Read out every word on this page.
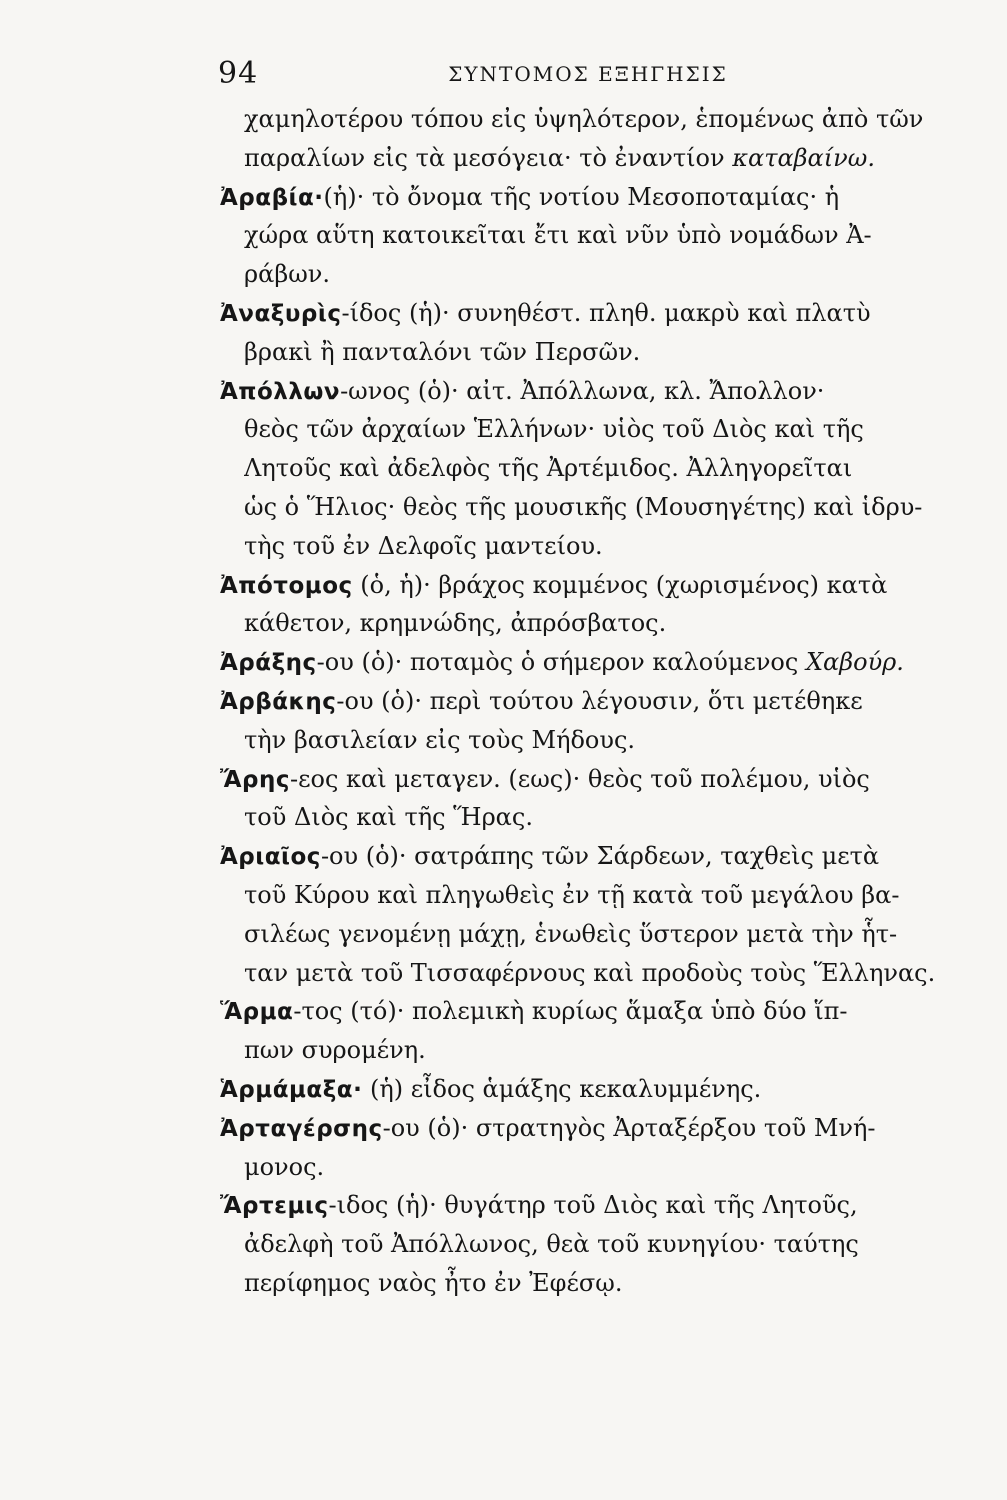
94	ΣΥΝΤΟΜΟΣ ΕΞΗΓΗΣΙΣ
χαμηλοτέρου τόπου εἰς ὑψηλότερον, ἑπομένως ἀπὸ τῶν
παραλίων εἰς τὰ μεσόγεια· τὸ ἐναντίον καταβαίνω.
Ἀραβία·(ἡ)· τὸ ὄνομα τῆς νοτίου Μεσοποταμίας· ἡ
χώρα αὕτη κατοικεῖται ἔτι καὶ νῦν ὑπὸ νομάδων Ἀ-
ράβων.
Ἀναξυρὶς-ίδος (ἡ)· συνηθέστ. πληθ. μακρὺ καὶ πλατὺ
βρακὶ ἢ πανταλόνι τῶν Περσῶν.
Ἀπόλλων-ωνος (ὁ)· αἰτ. Ἀπόλλωνα, κλ. Ἄπολλον·
θεὸς τῶν ἀρχαίων Ἑλλήνων· υἱὸς τοῦ Διὸς καὶ τῆς
Λητοῦς καὶ ἀδελφὸς τῆς Ἀρτέμιδος. Ἀλληγορεῖται
ὡς ὁ Ἥλιος· θεὸς τῆς μουσικῆς (Μουσηγέτης) καὶ ἱδρυ-
τὴς τοῦ ἐν Δελφοῖς μαντείου.
Ἀπότομος (ὁ, ἡ)· βράχος κομμένος (χωρισμένος) κατὰ
κάθετον, κρημνώδης, ἀπρόσβατος.
Ἀράξης-ου (ὁ)· ποταμὸς ὁ σήμερον καλούμενος Χαβούρ.
Ἀρβάκης-ου (ὁ)· περὶ τούτου λέγουσιν, ὅτι μετέθηκε
τὴν βασιλείαν εἰς τοὺς Μήδους.
Ἄρης-εος καὶ μεταγεν. (εως)· θεὸς τοῦ πολέμου, υἱὸς
τοῦ Διὸς καὶ τῆς Ἥρας.
Ἀριαῖος-ου (ὁ)· σατράπης τῶν Σάρδεων, ταχθεὶς μετὰ
τοῦ Κύρου καὶ πληγωθεὶς ἐν τῇ κατὰ τοῦ μεγάλου βα-
σιλέως γενομένῃ μάχῃ, ἑνωθεὶς ὕστερον μετὰ τὴν ἧτ-
ταν μετὰ τοῦ Τισσαφέρνους καὶ προδοὺς τοὺς Ἕλληνας.
Ἅρμα-τος (τό)· πολεμικὴ κυρίως ἅμαξα ὑπὸ δύο ἵπ-
πων συρομένη.
Ἁρμάμαξα· (ἡ) εἶδος ἁμάξης κεκαλυμμένης.
Ἀρταγέρσης-ου (ὁ)· στρατηγὸς Ἀρταξέρξου τοῦ Μνή-
μονος.
Ἄρτεμις-ιδος (ἡ)· θυγάτηρ τοῦ Διὸς καὶ τῆς Λητοῦς,
ἀδελφὴ τοῦ Ἀπόλλωνος, θεὰ τοῦ κυνηγίου· ταύτης
περίφημος ναὸς ἦτο ἐν Ἐφέσῳ.
